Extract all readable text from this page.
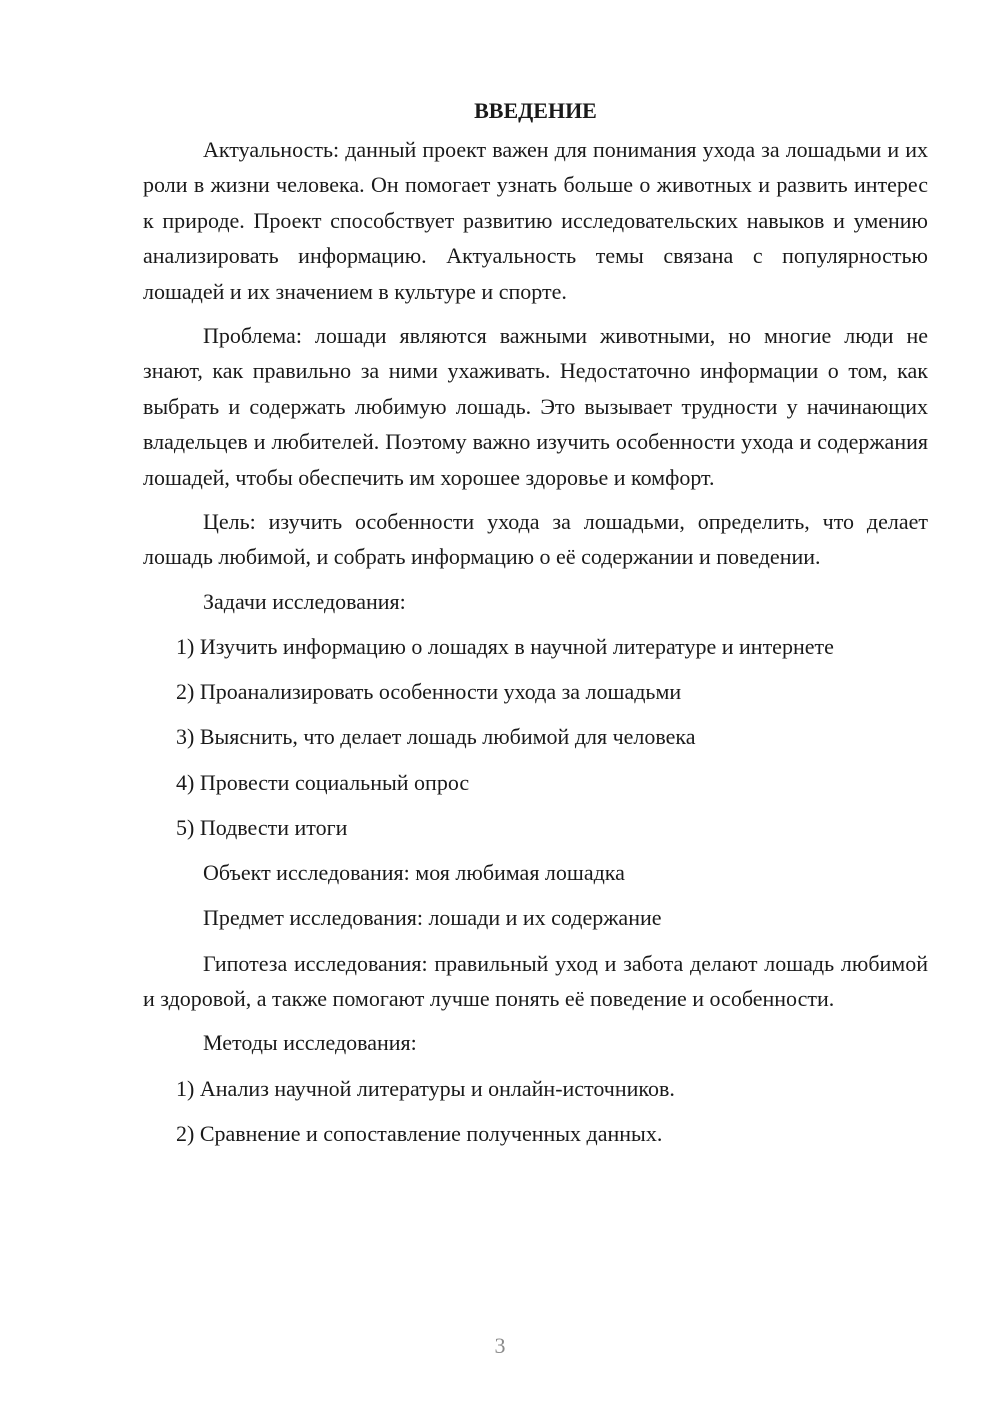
ВВЕДЕНИЕ

Актуальность: данный проект важен для понимания ухода за лошадьми и их роли в жизни человека. Он помогает узнать больше о животных и развить интерес к природе. Проект способствует развитию исследовательских навыков и умению анализировать информацию. Актуальность темы связана с популярностью лошадей и их значением в культуре и спорте.

Проблема: лошади являются важными животными, но многие люди не знают, как правильно за ними ухаживать. Недостаточно информации о том, как выбрать и содержать любимую лошадь. Это вызывает трудности у начинающих владельцев и любителей. Поэтому важно изучить особенности ухода и содержания лошадей, чтобы обеспечить им хорошее здоровье и комфорт.

Цель: изучить особенности ухода за лошадьми, определить, что делает лошадь любимой, и собрать информацию о её содержании и поведении.

Задачи исследования:
1) Изучить информацию о лошадях в научной литературе и интернете
2) Проанализировать особенности ухода за лошадьми
3) Выяснить, что делает лошадь любимой для человека
4) Провести социальный опрос
5) Подвести итоги
Объект исследования: моя любимая лошадка
Предмет исследования: лошади и их содержание

Гипотеза исследования: правильный уход и забота делают лошадь любимой и здоровой, а также помогают лучше понять её поведение и особенности.

Методы исследования:
1) Анализ научной литературы и онлайн-источников.
2) Сравнение и сопоставление полученных данных.
3
